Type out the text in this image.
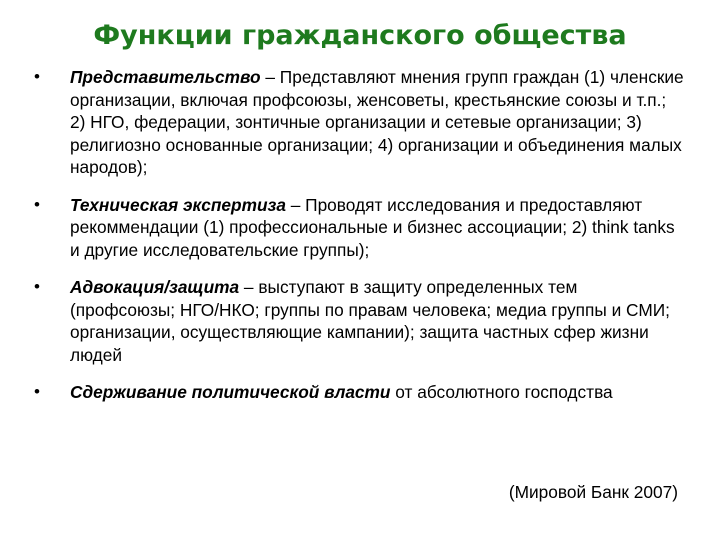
Функции гражданского общества
•	Представительство – Представляют мнения групп граждан (1) членские организации, включая профсоюзы, женсоветы, крестьянские союзы и т.п.; 2) НГО, федерации, зонтичные организации и сетевые организации; 3) религиозно основанные организации; 4) организации и объединения малых народов);
•	Техническая экспертиза – Проводят исследования и предоставляют рекоммендации (1) профессиональные и бизнес ассоциации; 2) think tanks и другие исследовательские группы);
•	Адвокация/защита – выступают в защиту определенных тем (профсоюзы; НГО/НКО; группы по правам человека; медиа группы и СМИ; организации, осуществляющие кампании); защита частных сфер жизни людей
•	Сдерживание политической власти от абсолютного господства
(Мировой Банк 2007)
